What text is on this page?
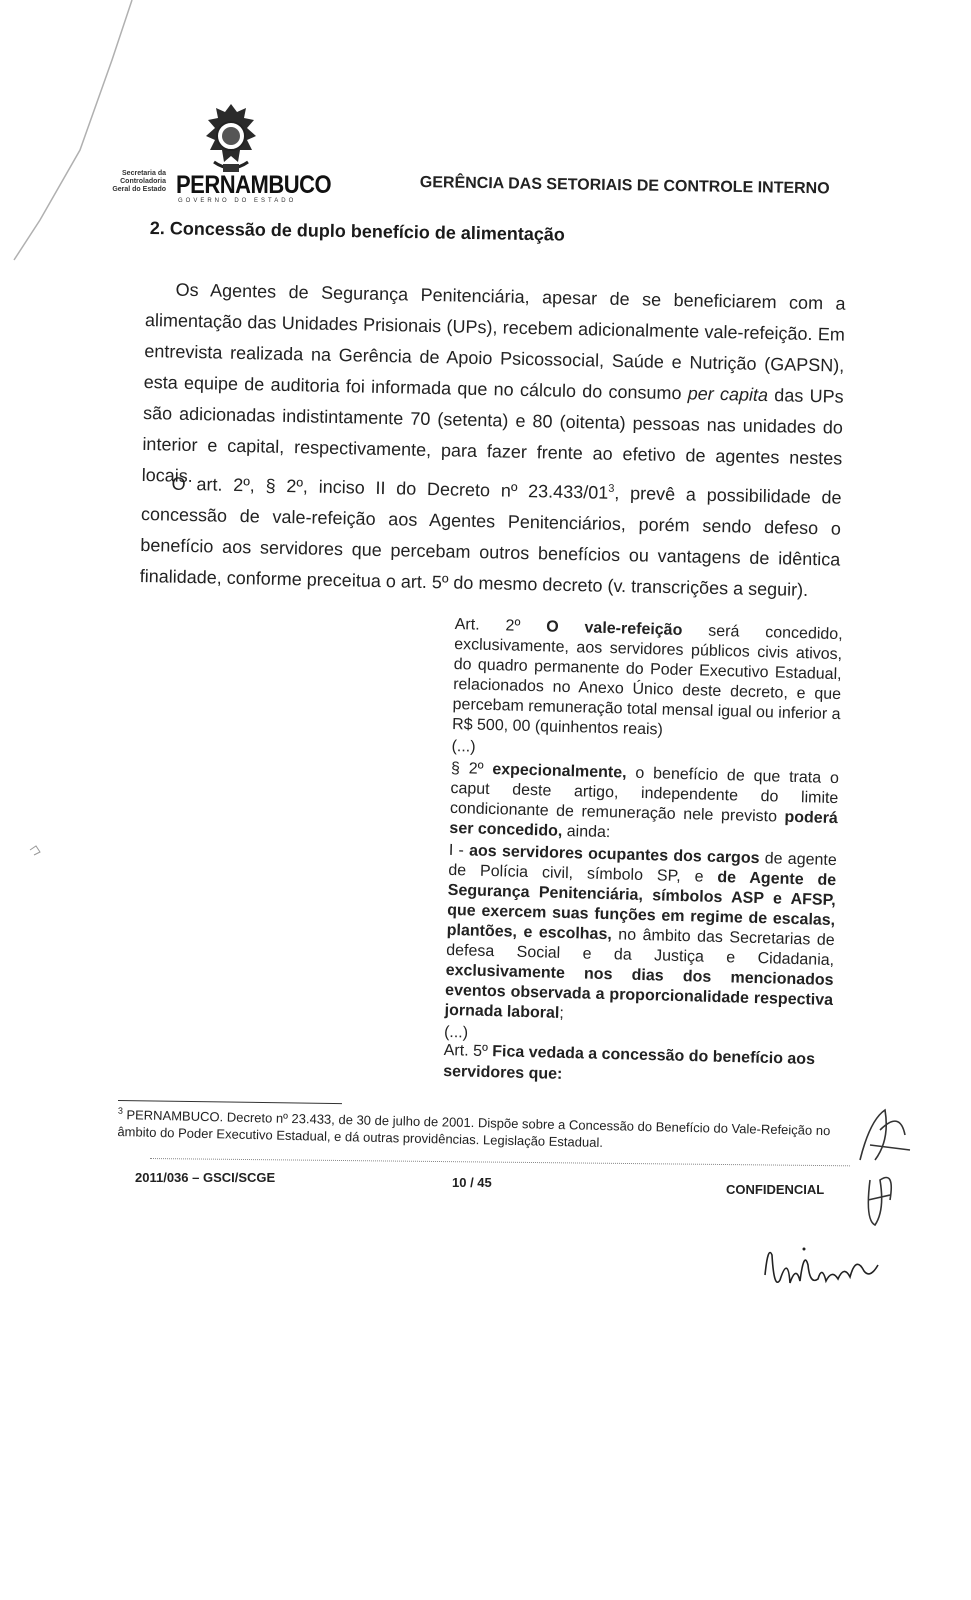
Secretaria da
Controladoria
Geral do Estado PERNAMBUCO
GOVERNO DO ESTADO
GERÊNCIA DAS SETORIAIS DE CONTROLE INTERNO
2. Concessão de duplo benefício de alimentação
Os Agentes de Segurança Penitenciária, apesar de se beneficiarem com a alimentação das Unidades Prisionais (UPs), recebem adicionalmente vale-refeição. Em entrevista realizada na Gerência de Apoio Psicossocial, Saúde e Nutrição (GAPSN), esta equipe de auditoria foi informada que no cálculo do consumo per capita das UPs são adicionadas indistintamente 70 (setenta) e 80 (oitenta) pessoas nas unidades do interior e capital, respectivamente, para fazer frente ao efetivo de agentes nestes locais.
O art. 2º, § 2º, inciso II do Decreto nº $23.433/01^3$, prevê a possibilidade de concessão de vale-refeição aos Agentes Penitenciários, porém sendo defeso o benefício aos servidores que percebam outros benefícios ou vantagens de idêntica finalidade, conforme preceitua o art. 5º do mesmo decreto (v. transcrições a seguir).
Art. 2º O vale-refeição será concedido, exclusivamente, aos servidores públicos civis ativos, do quadro permanente do Poder Executivo Estadual, relacionados no Anexo Único deste decreto, e que percebam remuneração total mensal igual ou inferior a R$ 500, 00 (quinhentos reais)
(...)
§ 2º expecionalmente, o benefício de que trata o caput deste artigo, independente do limite condicionante de remuneração nele previsto poderá ser concedido, ainda:
I - aos servidores ocupantes dos cargos de agente de Polícia civil, símbolo SP, e de Agente de Segurança Penitenciária, símbolos ASP e AFSP, que exercem suas funções em regime de escalas, plantões, e escolhas, no âmbito das Secretarias de defesa Social e da Justiça e Cidadania, exclusivamente nos dias dos mencionados eventos observada a proporcionalidade respectiva jornada laboral;
(...)
Art. 5º Fica vedada a concessão do benefício aos servidores que:
$^3$ PERNAMBUCO. Decreto nº 23.433, de 30 de julho de 2001. Dispõe sobre a Concessão do Benefício do Vale-Refeição no âmbito do Poder Executivo Estadual, e dá outras providências. Legislação Estadual.
2011/036 – GSCI/SCGE	10 / 45	CONFIDENCIAL
